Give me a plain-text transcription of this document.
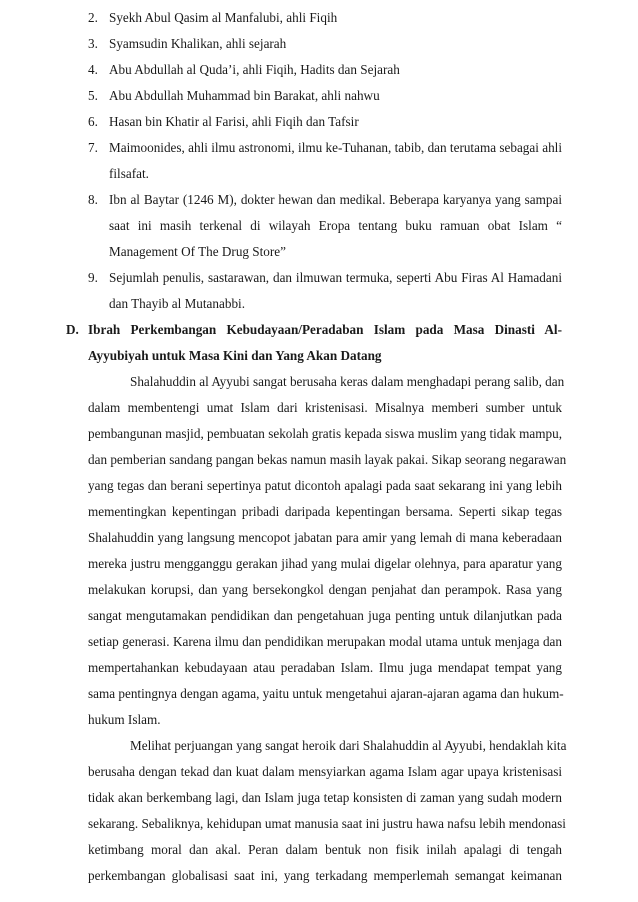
2. Syekh Abul Qasim al Manfalubi, ahli Fiqih
3. Syamsudin Khalikan, ahli sejarah
4. Abu Abdullah al Quda’i, ahli Fiqih, Hadits dan Sejarah
5. Abu Abdullah Muhammad bin Barakat, ahli nahwu
6. Hasan bin Khatir al Farisi, ahli Fiqih dan Tafsir
7. Maimoonides, ahli ilmu astronomi, ilmu ke-Tuhanan, tabib, dan terutama sebagai ahli
filsafat.
8. Ibn al Baytar (1246 M), dokter hewan dan medikal. Beberapa karyanya yang sampai
saat ini masih terkenal di wilayah Eropa tentang buku ramuan obat Islam “
Management Of The Drug Store”
9. Sejumlah penulis, sastarawan, dan ilmuwan termuka, seperti Abu Firas Al Hamadani
dan Thayib al Mutanabbi.
D. Ibrah Perkembangan Kebudayaan/Peradaban Islam pada Masa Dinasti Al-
Ayyubiyah untuk Masa Kini dan Yang Akan Datang
Shalahuddin al Ayyubi sangat berusaha keras dalam menghadapi perang salib, dan
dalam membentengi umat Islam dari kristenisasi. Misalnya memberi sumber untuk
pembangunan masjid, pembuatan sekolah gratis kepada siswa muslim yang tidak mampu,
dan pemberian sandang pangan bekas namun masih layak pakai. Sikap seorang negarawan
yang tegas dan berani sepertinya patut dicontoh apalagi pada saat sekarang ini yang lebih
mementingkan kepentingan pribadi daripada kepentingan bersama. Seperti sikap tegas
Shalahuddin yang langsung mencopot jabatan para amir yang lemah di mana keberadaan
mereka justru mengganggu gerakan jihad yang mulai digelar olehnya, para aparatur yang
melakukan korupsi, dan yang bersekongkol dengan penjahat dan perampok. Rasa yang
sangat mengutamakan pendidikan dan pengetahuan juga penting untuk dilanjutkan pada
setiap generasi. Karena ilmu dan pendidikan merupakan modal utama untuk menjaga dan
mempertahankan kebudayaan atau peradaban Islam. Ilmu juga mendapat tempat yang
sama pentingnya dengan agama, yaitu untuk mengetahui ajaran-ajaran agama dan hukum-
hukum Islam.
Melihat perjuangan yang sangat heroik dari Shalahuddin al Ayyubi, hendaklah kita
berusaha dengan tekad dan kuat dalam mensyiarkan agama Islam agar upaya kristenisasi
tidak akan berkembang lagi, dan Islam juga tetap konsisten di zaman yang sudah modern
sekarang. Sebaliknya, kehidupan umat manusia saat ini justru hawa nafsu lebih mendonasi
ketimbang moral dan akal. Peran dalam bentuk non fisik inilah apalagi di tengah
perkembangan globalisasi saat ini, yang terkadang memperlemah semangat keimanan
